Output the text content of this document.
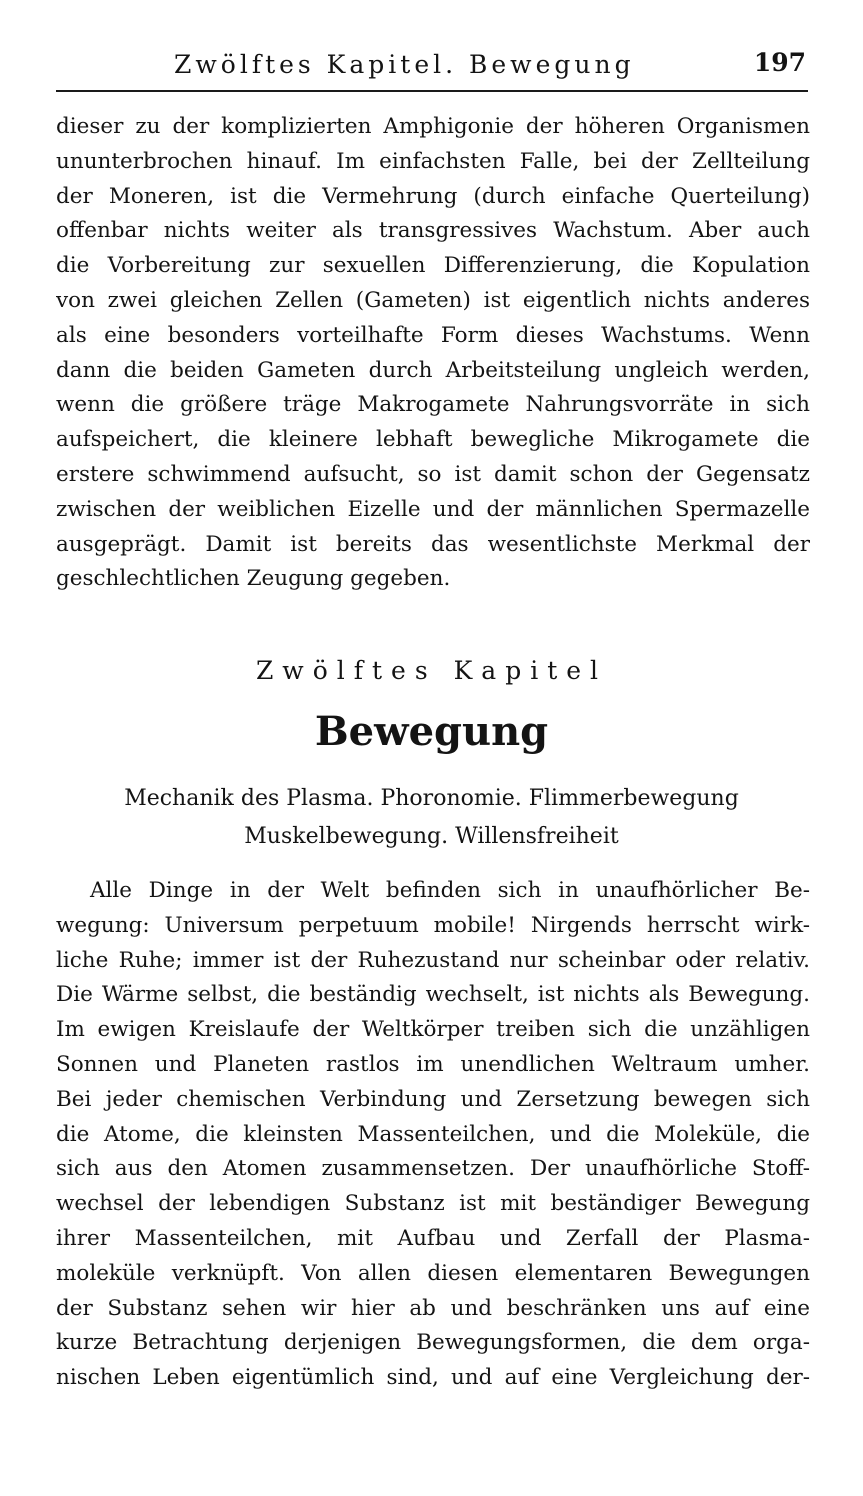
Zwölftes Kapitel. Bewegung	197
dieser zu der komplizierten Amphigonie der höheren Organismen
ununterbrochen hinauf. Im einfachsten Falle, bei der Zellteilung
der Moneren, ist die Vermehrung (durch einfache Querteilung)
offenbar nichts weiter als transgressives Wachstum. Aber auch
die Vorbereitung zur sexuellen Differenzierung, die Kopulation
von zwei gleichen Zellen (Gameten) ist eigentlich nichts anderes
als eine besonders vorteilhafte Form dieses Wachstums. Wenn
dann die beiden Gameten durch Arbeitsteilung ungleich werden,
wenn die größere träge Makrogamete Nahrungsvorräte in sich
aufspeichert, die kleinere lebhaft bewegliche Mikrogamete die
erstere schwimmend aufsucht, so ist damit schon der Gegensatz
zwischen der weiblichen Eizelle und der männlichen Spermazelle
ausgeprägt. Damit ist bereits das wesentlichste Merkmal der
geschlechtlichen Zeugung gegeben.
Zwölftes Kapitel
Bewegung
Mechanik des Plasma. Phoronomie. Flimmerbewegung
Muskelbewegung. Willensfreiheit
Alle Dinge in der Welt befinden sich in unaufhörlicher Be-
wegung: Universum perpetuum mobile! Nirgends herrscht wirk-
liche Ruhe; immer ist der Ruhezustand nur scheinbar oder relativ.
Die Wärme selbst, die beständig wechselt, ist nichts als Bewegung.
Im ewigen Kreislaufe der Weltkörper treiben sich die unzähligen
Sonnen und Planeten rastlos im unendlichen Weltraum umher.
Bei jeder chemischen Verbindung und Zersetzung bewegen sich
die Atome, die kleinsten Massenteilchen, und die Moleküle, die
sich aus den Atomen zusammensetzen. Der unaufhörliche Stoff-
wechsel der lebendigen Substanz ist mit beständiger Bewegung
ihrer Massenteilchen, mit Aufbau und Zerfall der Plasma-
moleküle verknüpft. Von allen diesen elementaren Bewegungen
der Substanz sehen wir hier ab und beschränken uns auf eine
kurze Betrachtung derjenigen Bewegungsformen, die dem orga-
nischen Leben eigentümlich sind, und auf eine Vergleichung der-
